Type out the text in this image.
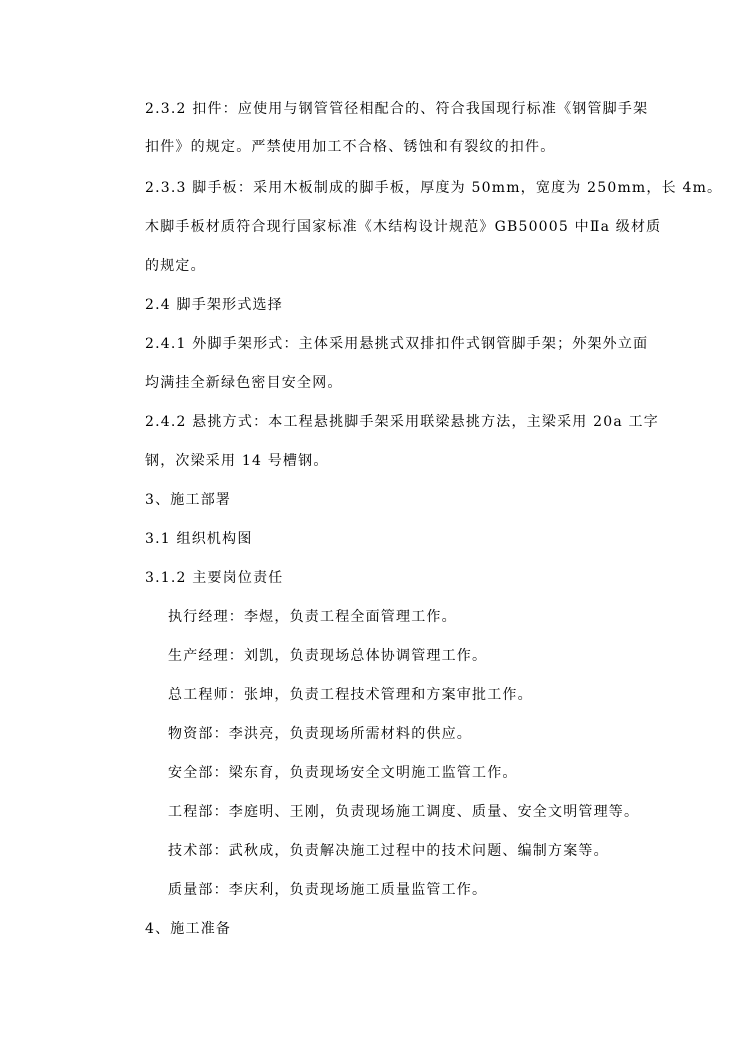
2.3.2 扣件：应使用与钢管管径相配合的、符合我国现行标准《钢管脚手架
扣件》的规定。严禁使用加工不合格、锈蚀和有裂纹的扣件。
2.3.3 脚手板：采用木板制成的脚手板，厚度为 50mm，宽度为 250mm，长 4m。
木脚手板材质符合现行国家标准《木结构设计规范》GB50005 中Ⅱa 级材质
的规定。
2.4 脚手架形式选择
2.4.1 外脚手架形式：主体采用悬挑式双排扣件式钢管脚手架；外架外立面
均满挂全新绿色密目安全网。
2.4.2 悬挑方式：本工程悬挑脚手架采用联梁悬挑方法，主梁采用 20a 工字
钢，次梁采用 14 号槽钢。
3、施工部署
3.1 组织机构图
3.1.2 主要岗位责任
执行经理：李煜，负责工程全面管理工作。
生产经理：刘凯，负责现场总体协调管理工作。
总工程师：张坤，负责工程技术管理和方案审批工作。
物资部：李洪亮，负责现场所需材料的供应。
安全部：梁东育，负责现场安全文明施工监管工作。
工程部：李庭明、王刚，负责现场施工调度、质量、安全文明管理等。
技术部：武秋成，负责解决施工过程中的技术问题、编制方案等。
质量部：李庆利，负责现场施工质量监管工作。
4、施工准备
